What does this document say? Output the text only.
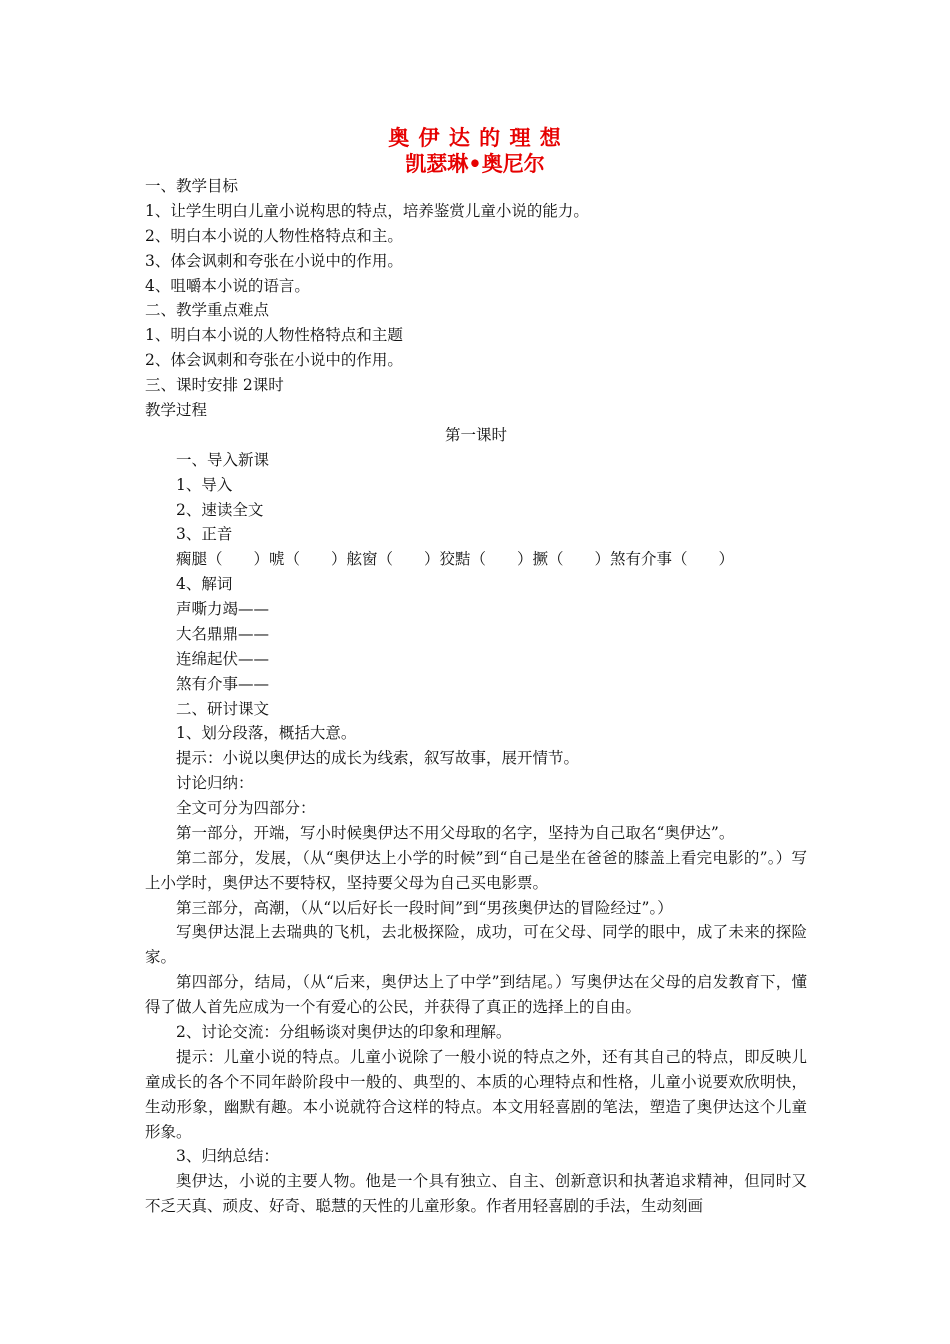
奥 伊 达 的 理 想
凯瑟琳•奥尼尔
一、教学目标
1、让学生明白儿童小说构思的特点，培养鉴赏儿童小说的能力。
2、明白本小说的人物性格特点和主。
3、体会讽刺和夸张在小说中的作用。
4、咀嚼本小说的语言。
二、教学重点难点
1、明白本小说的人物性格特点和主题
2、体会讽刺和夸张在小说中的作用。
三、课时安排 2课时
教学过程
第一课时
一、导入新课
1、导入
2、速读全文
3、正音
瘸腿（　　）唬（　　）舷窗（　　）狡黠（　　）撅（　　）煞有介事（　　）
4、解词
声嘶力竭——
大名鼎鼎——
连绵起伏——
煞有介事——
二、研讨课文
1、划分段落，概括大意。
提示：小说以奥伊达的成长为线索，叙写故事，展开情节。
讨论归纳：
全文可分为四部分：
第一部分，开端，写小时候奥伊达不用父母取的名字，坚持为自己取名“奥伊达”。
第二部分，发展，（从“奥伊达上小学的时候”到“自己是坐在爸爸的膝盖上看完电影的”。）写上小学时，奥伊达不要特权，坚持要父母为自己买电影票。
第三部分，高潮，（从“以后好长一段时间”到“男孩奥伊达的冒险经过”。）
写奥伊达混上去瑞典的飞机，去北极探险，成功，可在父母、同学的眼中，成了未来的探险家。
第四部分，结局，（从“后来，奥伊达上了中学”到结尾。）写奥伊达在父母的启发教育下，懂得了做人首先应成为一个有爱心的公民，并获得了真正的选择上的自由。
2、讨论交流：分组畅谈对奥伊达的印象和理解。
提示：儿童小说的特点。儿童小说除了一般小说的特点之外，还有其自己的特点，即反映儿童成长的各个不同年龄阶段中一般的、典型的、本质的心理特点和性格，儿童小说要欢欣明快，生动形象，幽默有趣。本小说就符合这样的特点。本文用轻喜剧的笔法，塑造了奥伊达这个儿童形象。
3、归纳总结：
奥伊达，小说的主要人物。他是一个具有独立、自主、创新意识和执著追求精神，但同时又不乏天真、顽皮、好奇、聪慧的天性的儿童形象。作者用轻喜剧的手法，生动刻画
